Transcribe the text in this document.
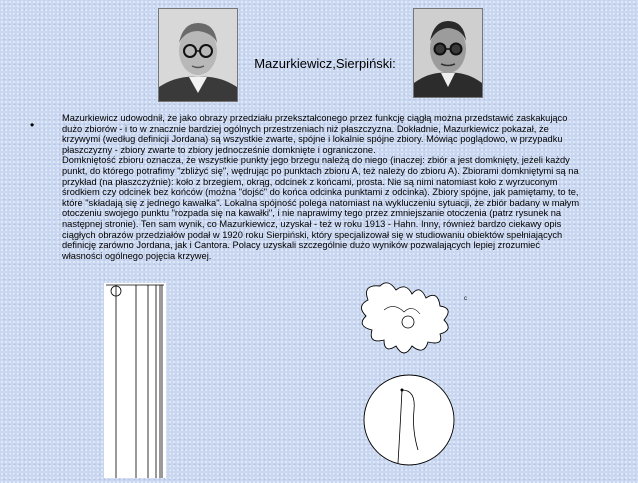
Mazurkiewicz,Sierpiński:
•	Mazurkiewicz udowodnił, że jako obrazy przedziału przekształconego przez funkcję ciągłą można przedstawić zaskakująco dużo zbiorów - i to w znacznie bardziej ogólnych przestrzeniach niż płaszczyzna. Dokładnie, Mazurkiewicz pokazał, że krzywymi (według definicji Jordana) są wszystkie zwarte, spójne i lokalnie spójne zbiory. Mówiąc poglądowo, w przypadku płaszczyzny - zbiory zwarte to zbiory jednocześnie domknięte i ograniczone.

Domkniętość zbioru oznacza, że wszystkie punkty jego brzegu należą do niego (inaczej: zbiór a jest domknięty, jeżeli każdy punkt, do którego potrafimy "zbliżyć się", wędrując po punktach zbioru A, też należy do zbioru A). Zbiorami domkniętymi są na przykład (na płaszczyźnie): koło z brzegiem, okrąg, odcinek z końcami, prosta. Nie są nimi natomiast koło z wyrzuconym środkiem czy odcinek bez końców (można "dojść" do końca odcinka punktami z odcinka). Zbiory spójne, jak pamiętamy, to te, które "składają się z jednego kawałka". Lokalna spójność polega natomiast na wykluczeniu sytuacji, że zbiór badany w małym otoczeniu swojego punktu "rozpada się na kawałki", i nie naprawimy tego przez zmniejszanie otoczenia (patrz rysunek na następnej stronie). Ten sam wynik, co Mazurkiewicz, uzyskał - też w roku 1913 - Hahn. Inny, również bardzo ciekawy opis ciągłych obrazów przedziałów podał w 1920 roku Sierpiński, który specjalizował się w studiowaniu obiektów spełniających definicję zarówno Jordana, jak i Cantora. Polacy uzyskali szczególnie dużo wyników pozwalających lepiej zrozumieć własności ogólnego pojęcia krzywej.

c
